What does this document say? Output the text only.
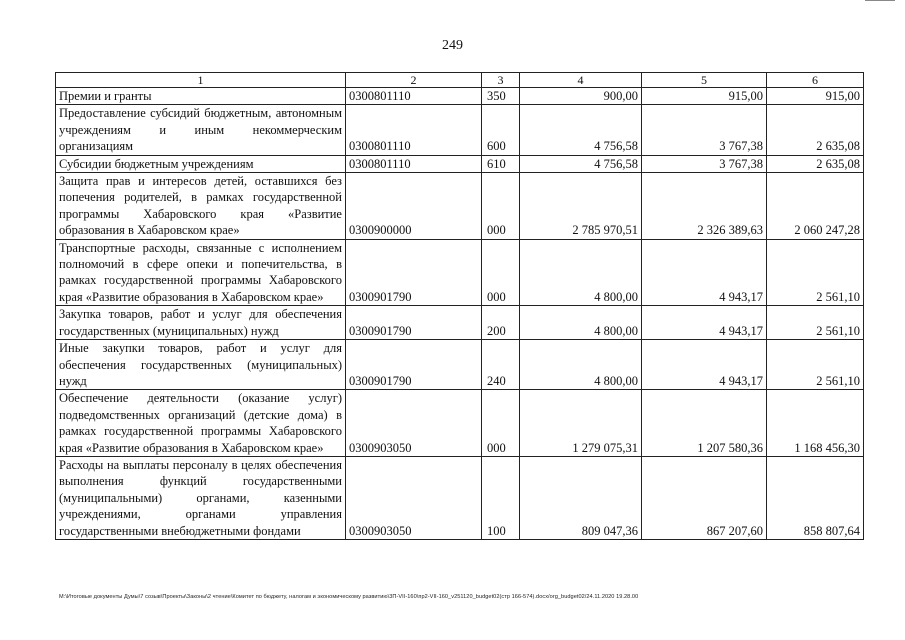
249
1	2	3	4	5	6
Премии и гранты	0300801110	350	900,00	915,00	915,00
Предоставление субсидий бюджетным, автономным учреждениям и иным некоммерческим организациям	0300801110	600	4 756,58	3 767,38	2 635,08
Субсидии бюджетным учреждениям	0300801110	610	4 756,58	3 767,38	2 635,08
Защита прав и интересов детей, оставшихся без попечения родителей, в рамках государственной программы Хабаровского края «Развитие образования в Хабаровском крае»	0300900000	000	2 785 970,51	2 326 389,63	2 060 247,28
Транспортные расходы, связанные с исполнением полномочий в сфере опеки и попечительства, в рамках государственной программы Хабаровского края «Развитие образования в Хабаровском крае»	0300901790	000	4 800,00	4 943,17	2 561,10
Закупка товаров, работ и услуг для обеспечения государственных (муниципальных) нужд	0300901790	200	4 800,00	4 943,17	2 561,10
Иные закупки товаров, работ и услуг для обеспечения государственных (муниципальных) нужд	0300901790	240	4 800,00	4 943,17	2 561,10
Обеспечение деятельности (оказание услуг) подведомственных организаций (детские дома) в рамках государственной программы Хабаровского края «Развитие образования в Хабаровском крае»	0300903050	000	1 279 075,31	1 207 580,36	1 168 456,30
Расходы на выплаты персоналу в целях обеспечения выполнения функций государственными (муниципальными) органами, казенными учреждениями, органами управления государственными внебюджетными фондами	0300903050	100	809 047,36	867 207,60	858 807,64
M:\Итоговые документы Думы\7 созыв\Проекты\Законы\2 чтение\Комитет по бюджету, налогам и экономическому развитию\3П-VII-160\пр2-VII-160_v251120_budget02(стр 166-574).docx/org_budget02/24.11.2020 19.28.00
